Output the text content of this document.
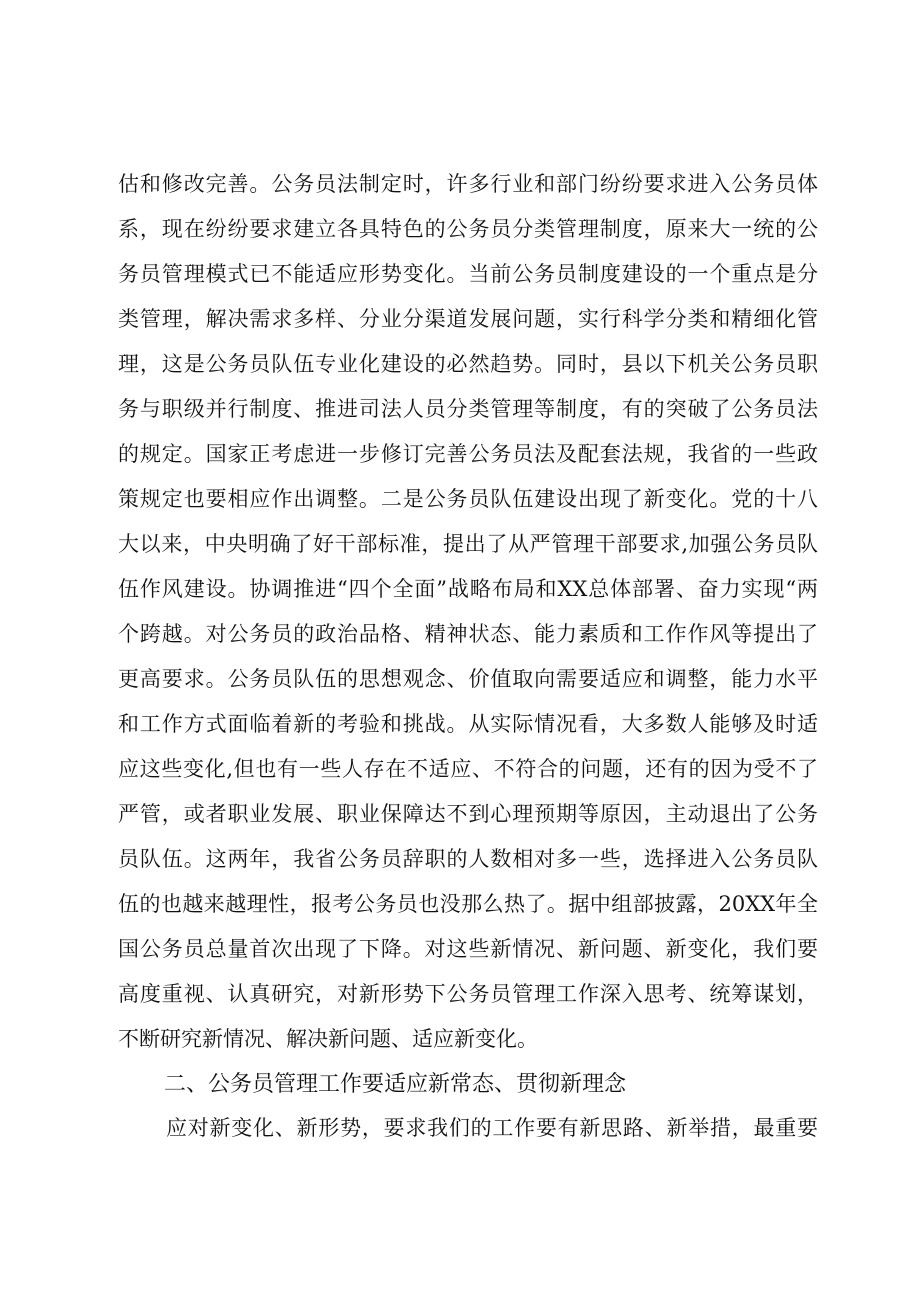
估和修改完善。公务员法制定时，许多行业和部门纷纷要求进入公务员体
系，现在纷纷要求建立各具特色的公务员分类管理制度，原来大一统的公
务员管理模式已不能适应形势变化。当前公务员制度建设的一个重点是分
类管理，解决需求多样、分业分渠道发展问题，实行科学分类和精细化管
理，这是公务员队伍专业化建设的必然趋势。同时，县以下机关公务员职
务与职级并行制度、推进司法人员分类管理等制度，有的突破了公务员法
的规定。国家正考虑进一步修订完善公务员法及配套法规，我省的一些政
策规定也要相应作出调整。二是公务员队伍建设出现了新变化。党的十八
大以来，中央明确了好干部标准，提出了从严管理干部要求,加强公务员队
伍作风建设。协调推进“四个全面”战略布局和XX总体部署、奋力实现“两
个跨越。对公务员的政治品格、精神状态、能力素质和工作作风等提出了
更高要求。公务员队伍的思想观念、价值取向需要适应和调整，能力水平
和工作方式面临着新的考验和挑战。从实际情况看，大多数人能够及时适
应这些变化,但也有一些人存在不适应、不符合的问题，还有的因为受不了
严管，或者职业发展、职业保障达不到心理预期等原因，主动退出了公务
员队伍。这两年，我省公务员辞职的人数相对多一些，选择进入公务员队
伍的也越来越理性，报考公务员也没那么热了。据中组部披露，20XX年全
国公务员总量首次出现了下降。对这些新情况、新问题、新变化，我们要
高度重视、认真研究，对新形势下公务员管理工作深入思考、统筹谋划，
不断研究新情况、解决新问题、适应新变化。
二、公务员管理工作要适应新常态、贯彻新理念
应对新变化、新形势，要求我们的工作要有新思路、新举措，最重要
